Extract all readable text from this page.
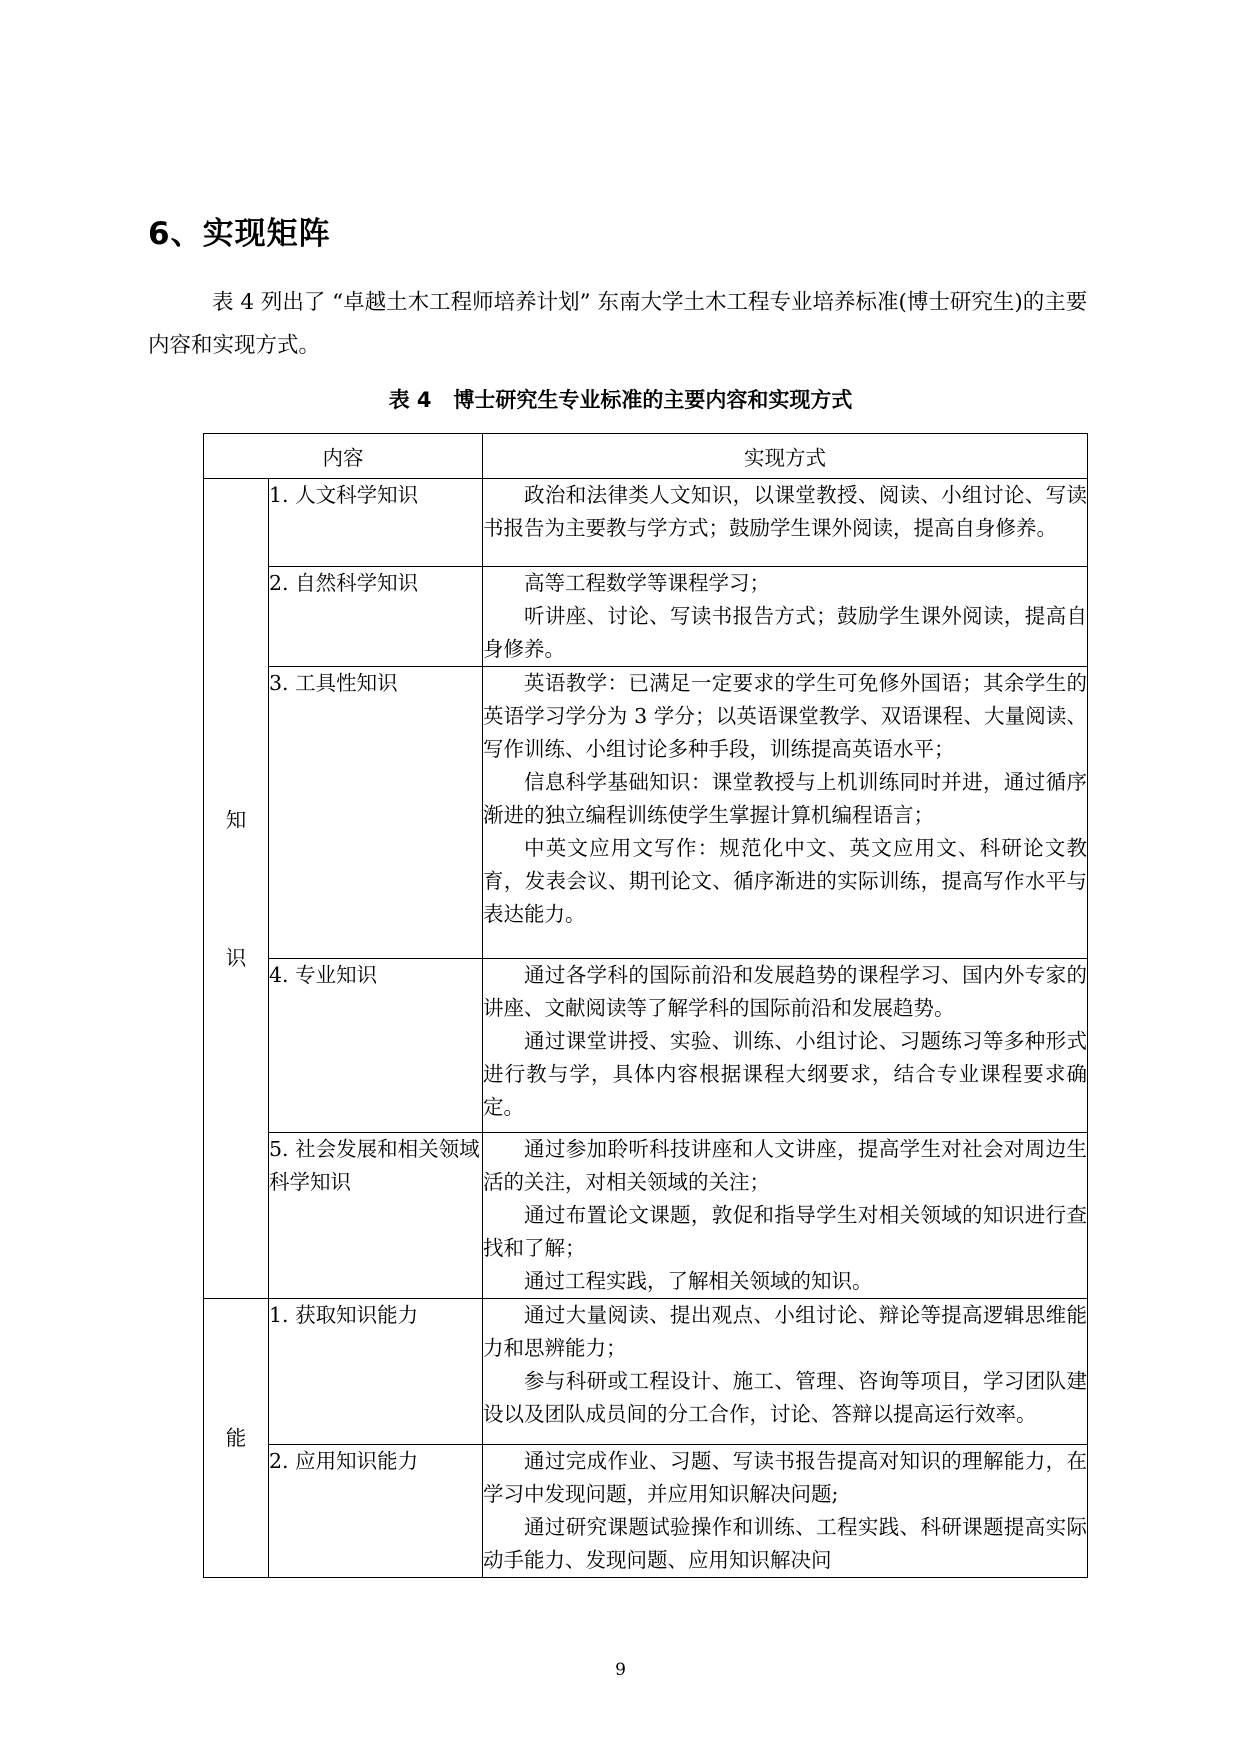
6、实现矩阵

表 4 列出了 “卓越土木工程师培养计划” 东南大学土木工程专业培养标准(博士研究生)的主要内容和实现方式。

表 4   博士研究生专业标准的主要内容和实现方式

内容		实现方式

知
识	1. 人文科学知识	政治和法律类人文知识，以课堂教授、阅读、小组讨论、写读书报告为主要教与学方式；鼓励学生课外阅读，提高自身修养。

	2. 自然科学知识	高等工程数学等课程学习；

听讲座、讨论、写读书报告方式；鼓励学生课外阅读，提高自身修养。

	3. 工具性知识	英语教学：已满足一定要求的学生可免修外国语；其余学生的英语学习学分为 3 学分；以英语课堂教学、双语课程、大量阅读、写作训练、小组讨论多种手段，训练提高英语水平；

信息科学基础知识：课堂教授与上机训练同时并进，通过循序渐进的独立编程训练使学生掌握计算机编程语言；

中英文应用文写作：规范化中文、英文应用文、科研论文教育，发表会议、期刊论文、循序渐进的实际训练，提高写作水平与表达能力。

	4. 专业知识	通过各学科的国际前沿和发展趋势的课程学习、国内外专家的讲座、文献阅读等了解学科的国际前沿和发展趋势。

通过课堂讲授、实验、训练、小组讨论、习题练习等多种形式进行教与学，具体内容根据课程大纲要求，结合专业课程要求确定。

	5. 社会发展和相关领域科学知识	通过参加聆听科技讲座和人文讲座，提高学生对社会对周边生活的关注，对相关领域的关注；

通过布置论文课题，敦促和指导学生对相关领域的知识进行查找和了解；

通过工程实践，了解相关领域的知识。

能	1. 获取知识能力	通过大量阅读、提出观点、小组讨论、辩论等提高逻辑思维能力和思辨能力；

参与科研或工程设计、施工、管理、咨询等项目，学习团队建设以及团队成员间的分工合作，讨论、答辩以提高运行效率。

	2. 应用知识能力	通过完成作业、习题、写读书报告提高对知识的理解能力，在学习中发现问题，并应用知识解决问题;

通过研究课题试验操作和训练、工程实践、科研课题提高实际动手能力、发现问题、应用知识解决问

9
